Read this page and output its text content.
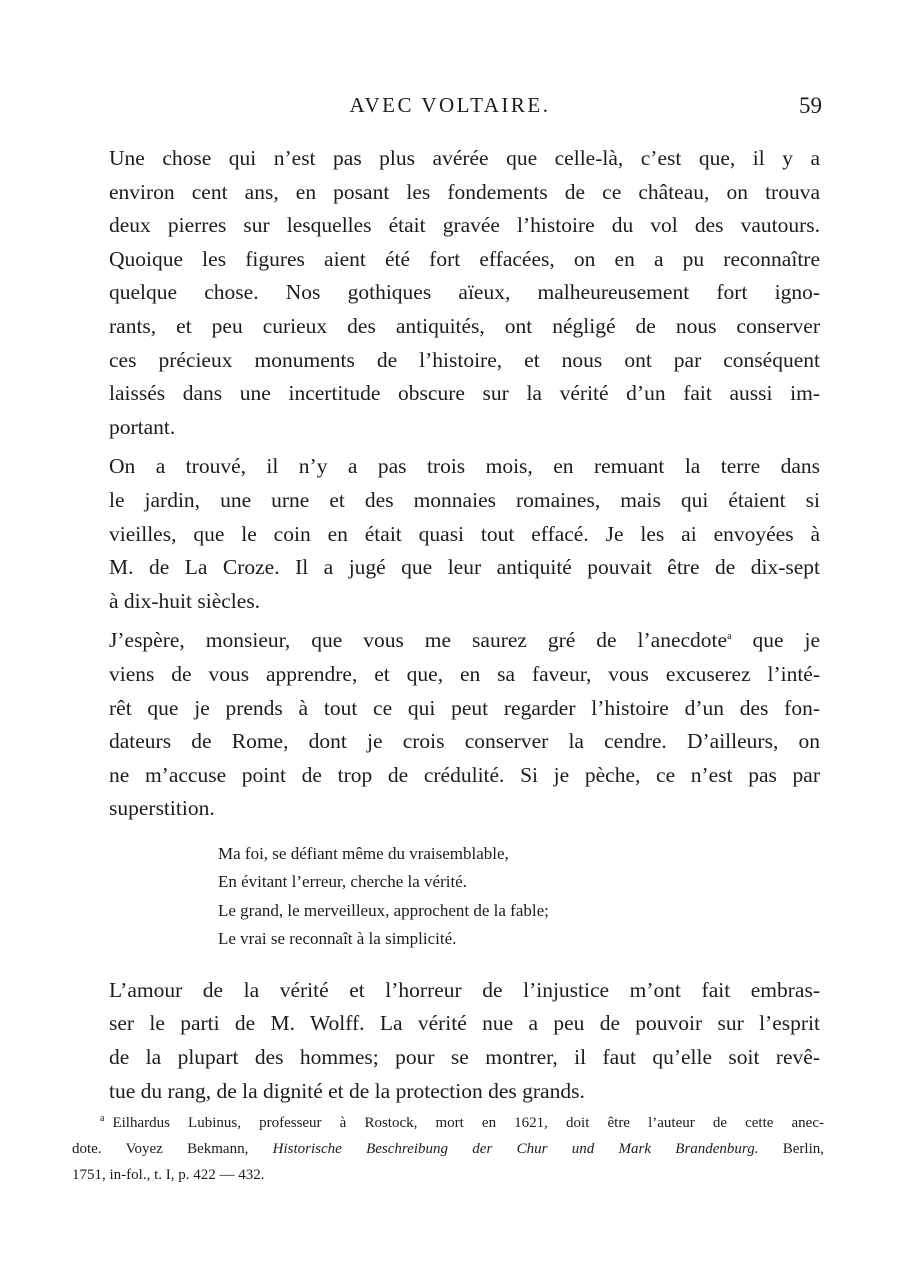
AVEC VOLTAIRE.	59

Une chose qui n’est pas plus avérée que celle-là, c’est que, il y a
environ cent ans, en posant les fondements de ce château, on trouva
deux pierres sur lesquelles était gravée l’histoire du vol des vautours.
Quoique les figures aient été fort effacées, on en a pu reconnaître
quelque chose. Nos gothiques aïeux, malheureusement fort igno-
rants, et peu curieux des antiquités, ont négligé de nous conserver
ces précieux monuments de l’histoire, et nous ont par conséquent
laissés dans une incertitude obscure sur la vérité d’un fait aussi im-
portant.

On a trouvé, il n’y a pas trois mois, en remuant la terre dans
le jardin, une urne et des monnaies romaines, mais qui étaient si
vieilles, que le coin en était quasi tout effacé. Je les ai envoyées à
M. de La Croze. Il a jugé que leur antiquité pouvait être de dix-sept
à dix-huit siècles.

J’espère, monsieur, que vous me saurez gré de l’anecdote$^a$ que je
viens de vous apprendre, et que, en sa faveur, vous excuserez l’inté-
rêt que je prends à tout ce qui peut regarder l’histoire d’un des fon-
dateurs de Rome, dont je crois conserver la cendre. D’ailleurs, on
ne m’accuse point de trop de crédulité. Si je pèche, ce n’est pas par
superstition.

Ma foi, se défiant même du vraisemblable,
En évitant l’erreur, cherche la vérité.
Le grand, le merveilleux, approchent de la fable;
Le vrai se reconnaît à la simplicité.

L’amour de la vérité et l’horreur de l’injustice m’ont fait embras-
ser le parti de M. Wolff. La vérité nue a peu de pouvoir sur l’esprit
de la plupart des hommes; pour se montrer, il faut qu’elle soit revê-
tue du rang, de la dignité et de la protection des grands.

$^a$ Eilhardus Lubinus, professeur à Rostock, mort en 1621, doit être l’auteur de cette anec-
dote. Voyez Bekmann, Historische Beschreibung der Chur und Mark Brandenburg. Berlin,
1751, in-fol., t. I, p. 422 — 432.
